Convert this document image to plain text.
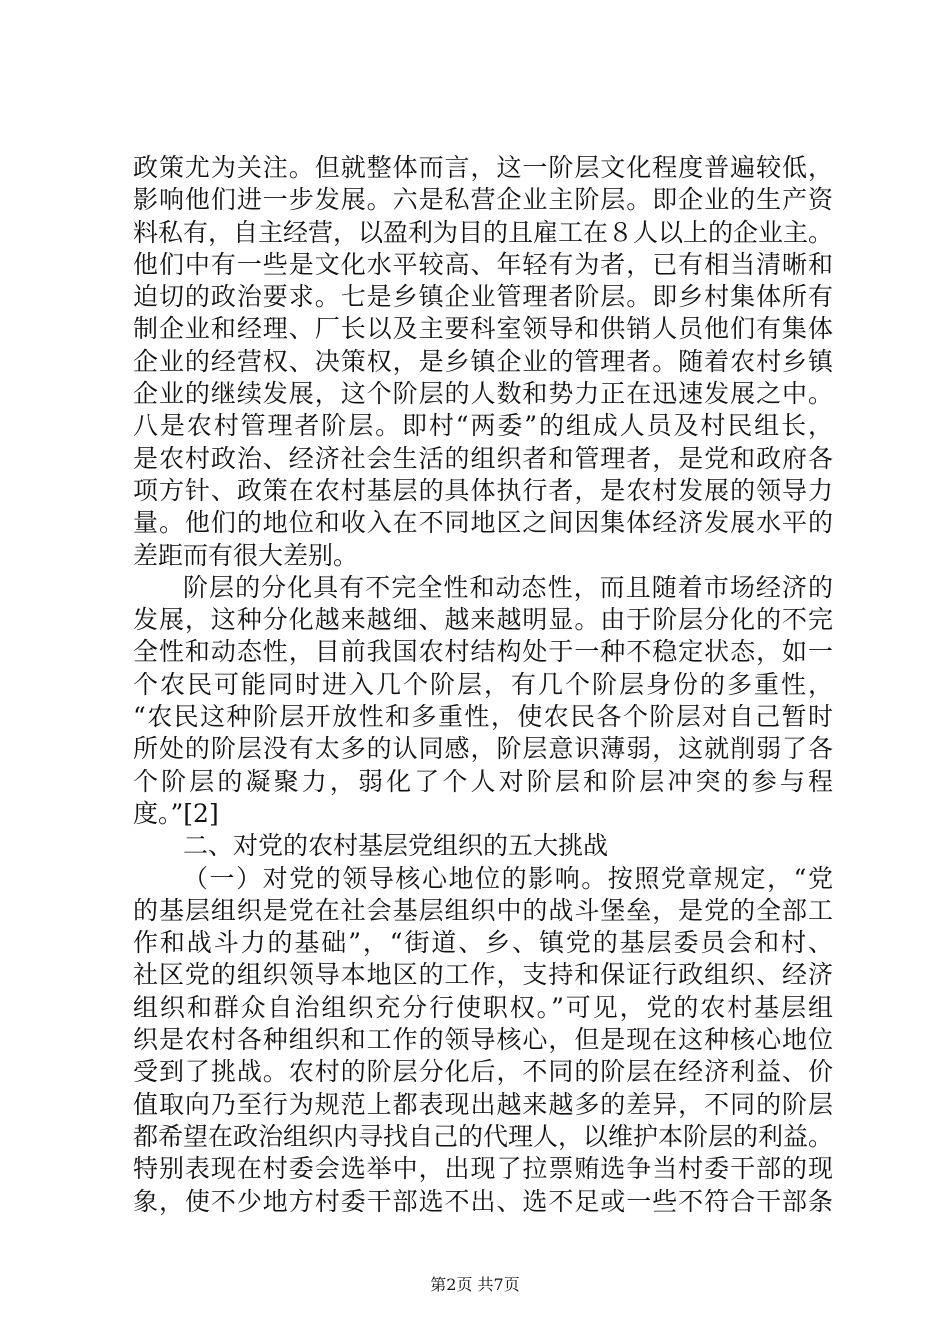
政策尤为关注。但就整体而言，这一阶层文化程度普遍较低，
影响他们进一步发展。六是私营企业主阶层。即企业的生产资
料私有，自主经营，以盈利为目的且雇工在８人以上的企业主。
他们中有一些是文化水平较高、年轻有为者，已有相当清晰和
迫切的政治要求。七是乡镇企业管理者阶层。即乡村集体所有
制企业和经理、厂长以及主要科室领导和供销人员他们有集体
企业的经营权、决策权，是乡镇企业的管理者。随着农村乡镇
企业的继续发展，这个阶层的人数和势力正在迅速发展之中。
八是农村管理者阶层。即村“两委”的组成人员及村民组长，
是农村政治、经济社会生活的组织者和管理者，是党和政府各
项方针、政策在农村基层的具体执行者，是农村发展的领导力
量。他们的地位和收入在不同地区之间因集体经济发展水平的
差距而有很大差别。
阶层的分化具有不完全性和动态性，而且随着市场经济的
发展，这种分化越来越细、越来越明显。由于阶层分化的不完
全性和动态性，目前我国农村结构处于一种不稳定状态，如一
个农民可能同时进入几个阶层，有几个阶层身份的多重性，
“农民这种阶层开放性和多重性，使农民各个阶层对自己暂时
所处的阶层没有太多的认同感，阶层意识薄弱，这就削弱了各
个阶层的凝聚力，弱化了个人对阶层和阶层冲突的参与程
度。”[2]
二、对党的农村基层党组织的五大挑战
（一）对党的领导核心地位的影响。按照党章规定，“党
的基层组织是党在社会基层组织中的战斗堡垒，是党的全部工
作和战斗力的基础”，“街道、乡、镇党的基层委员会和村、
社区党的组织领导本地区的工作，支持和保证行政组织、经济
组织和群众自治组织充分行使职权。”可见，党的农村基层组
织是农村各种组织和工作的领导核心，但是现在这种核心地位
受到了挑战。农村的阶层分化后，不同的阶层在经济利益、价
值取向乃至行为规范上都表现出越来越多的差异，不同的阶层
都希望在政治组织内寻找自己的代理人，以维护本阶层的利益。
特别表现在村委会选举中，出现了拉票贿选争当村委干部的现
象，使不少地方村委干部选不出、选不足或一些不符合干部条
第2页 共7页
